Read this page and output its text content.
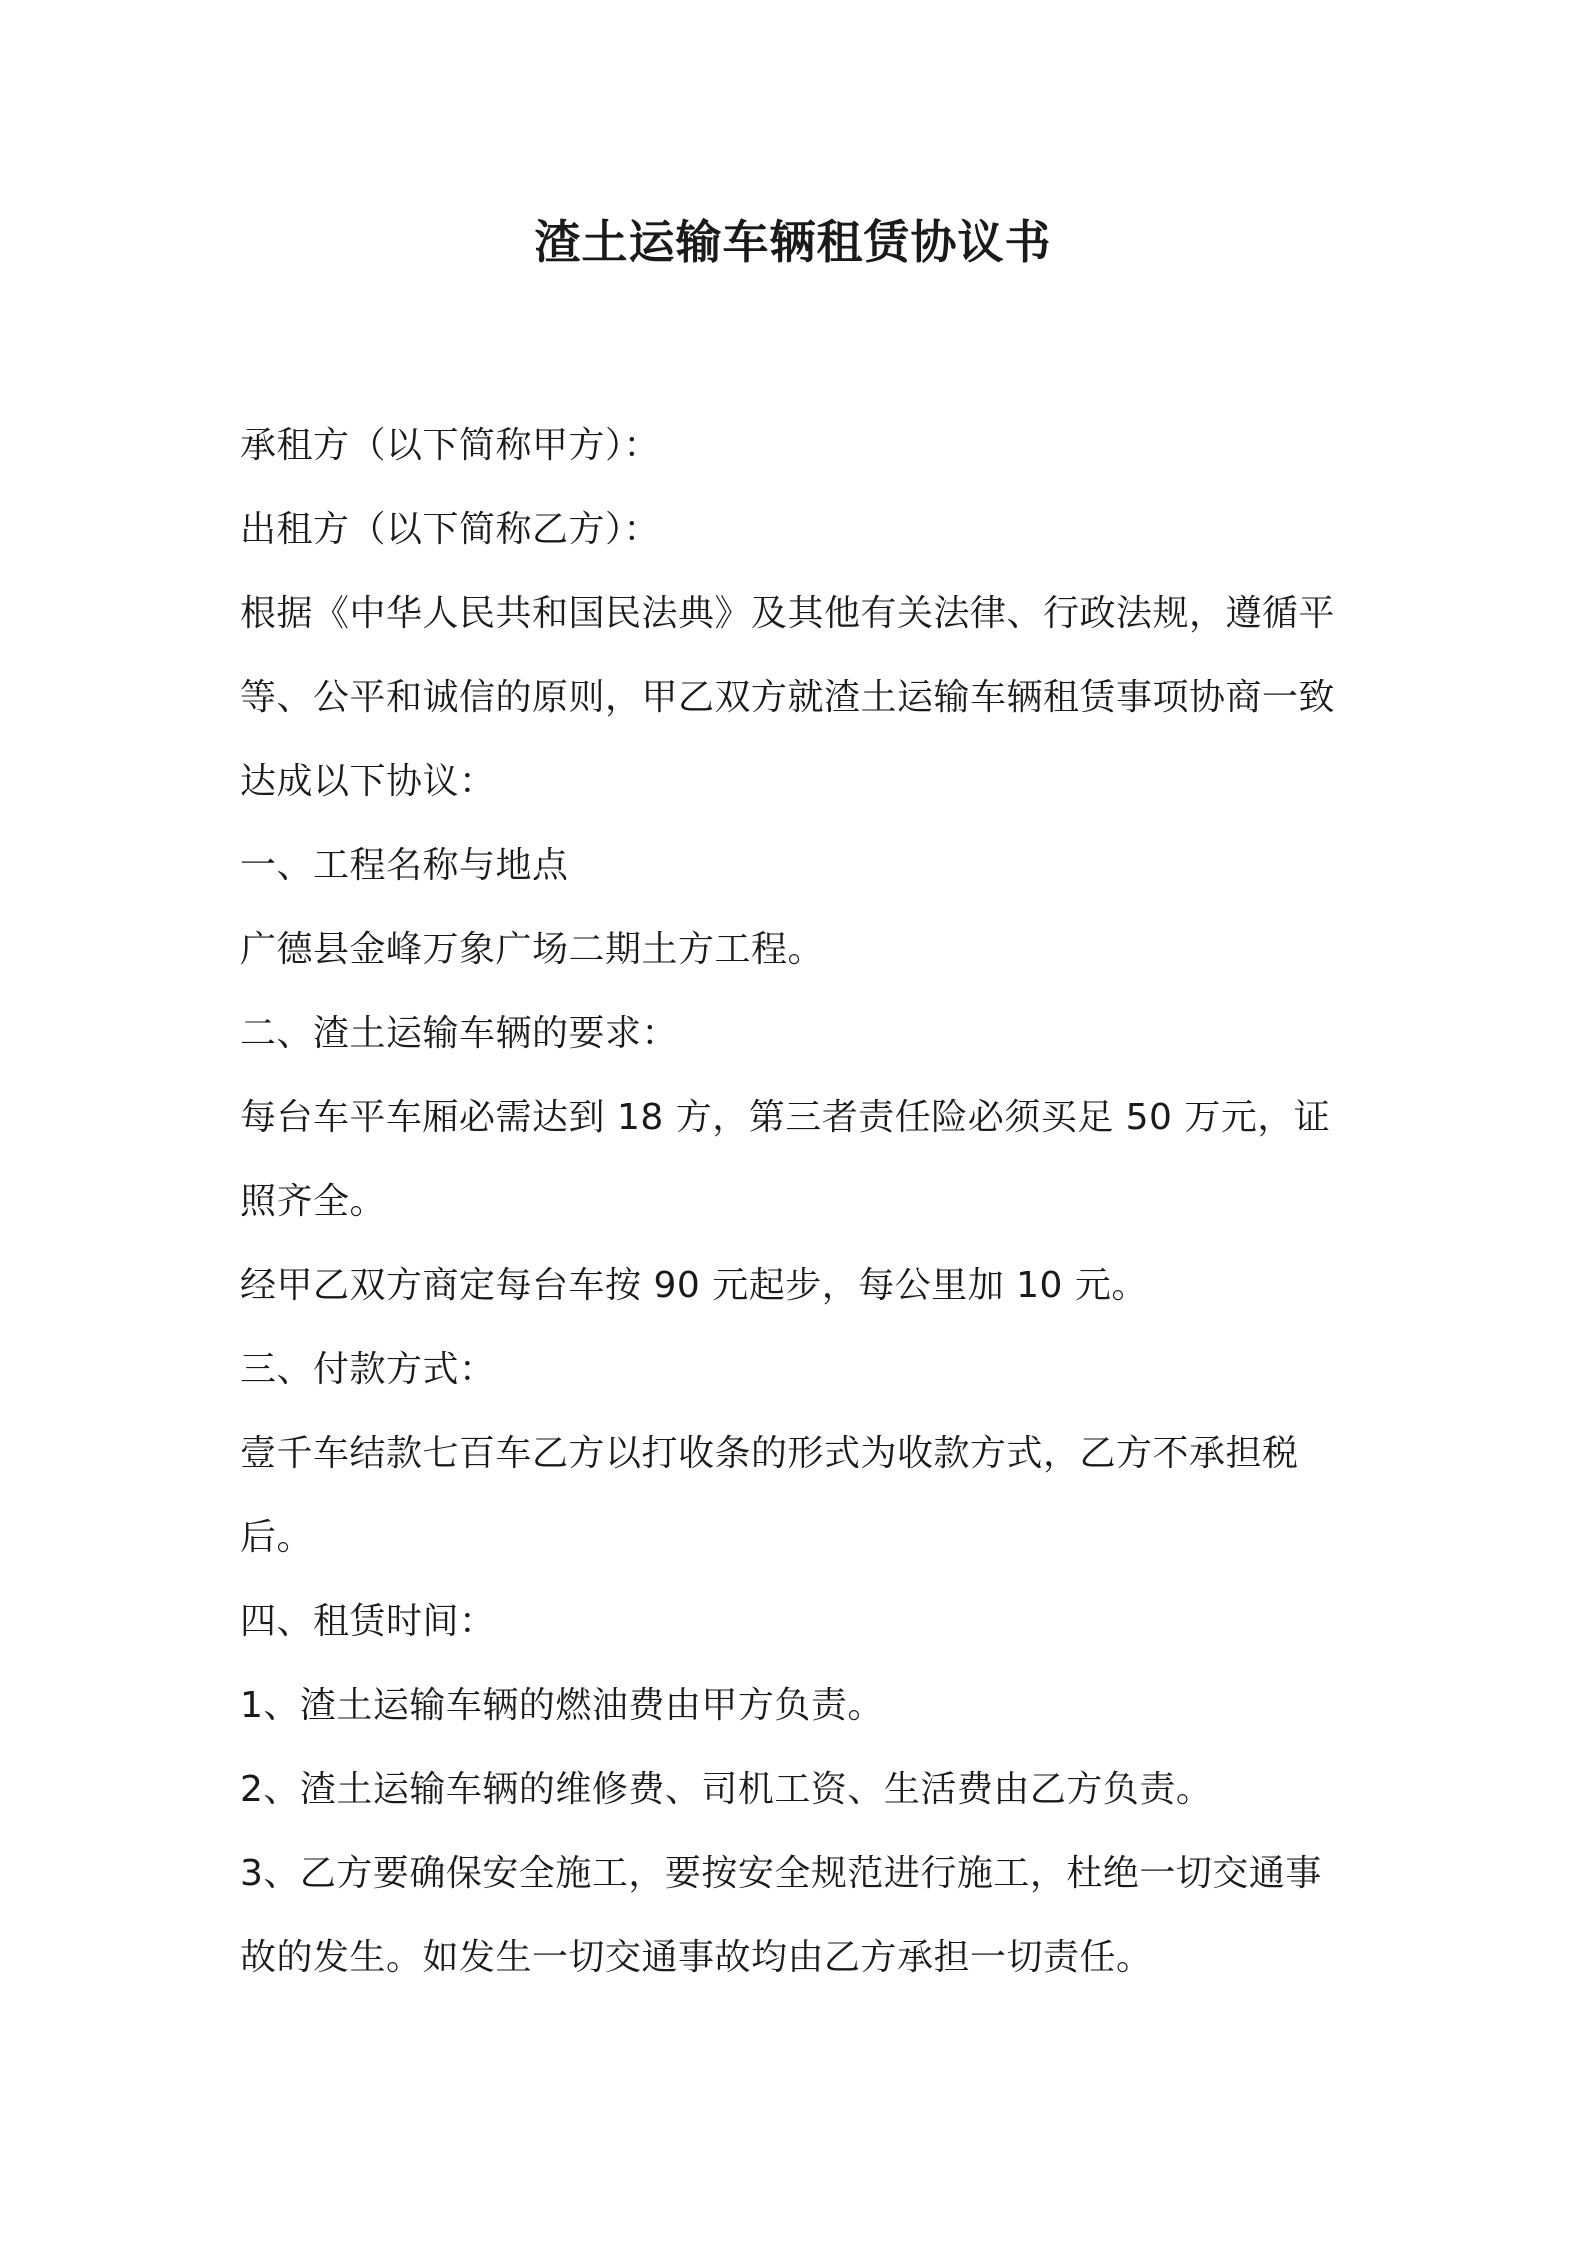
渣土运输车辆租赁协议书

承租方（以下简称甲方）：

出租方（以下简称乙方）：

根据《中华人民共和国民法典》及其他有关法律、行政法规，遵循平

等、公平和诚信的原则，甲乙双方就渣土运输车辆租赁事项协商一致

达成以下协议：

一、工程名称与地点

广德县金峰万象广场二期土方工程。

二、渣土运输车辆的要求：

每台车平车厢必需达到 18 方，第三者责任险必须买足 50 万元，证

照齐全。

经甲乙双方商定每台车按 90 元起步，每公里加 10 元。

三、付款方式：

壹千车结款七百车乙方以打收条的形式为收款方式，乙方不承担税

后。

四、租赁时间：

1、渣土运输车辆的燃油费由甲方负责。

2、渣土运输车辆的维修费、司机工资、生活费由乙方负责。

3、乙方要确保安全施工，要按安全规范进行施工，杜绝一切交通事

故的发生。如发生一切交通事故均由乙方承担一切责任。
